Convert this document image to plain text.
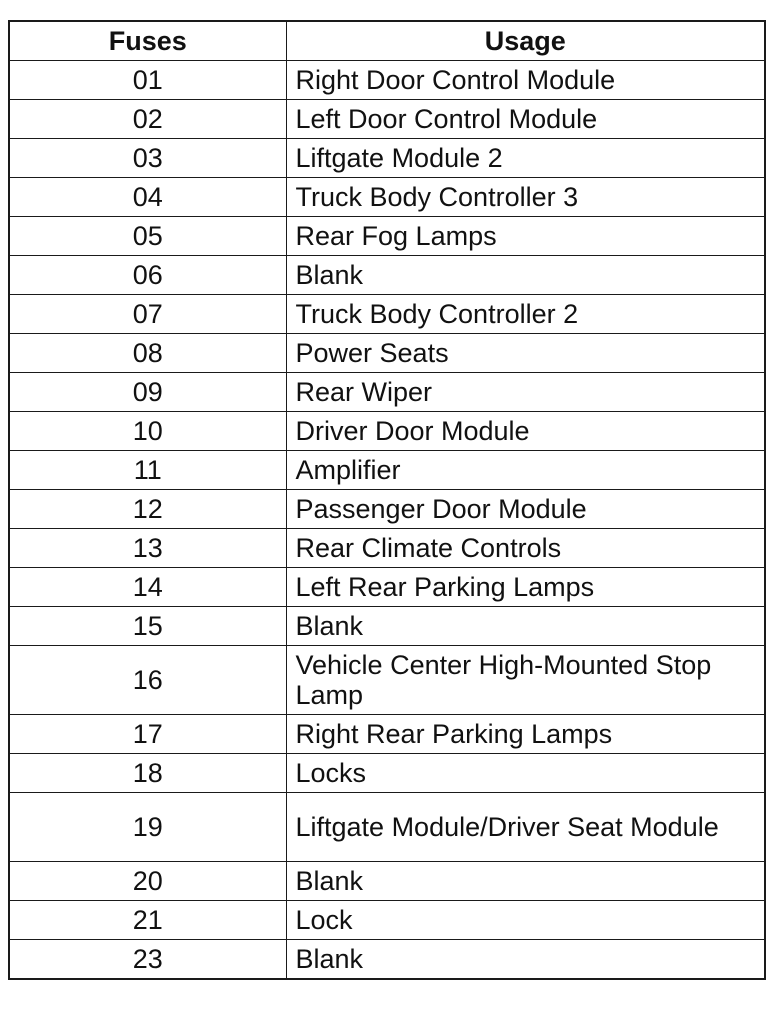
Fuses	Usage
01	Right Door Control Module
02	Left Door Control Module
03	Liftgate Module 2
04	Truck Body Controller 3
05	Rear Fog Lamps
06	Blank
07	Truck Body Controller 2
08	Power Seats
09	Rear Wiper
10	Driver Door Module
11	Amplifier
12	Passenger Door Module
13	Rear Climate Controls
14	Left Rear Parking Lamps
15	Blank
16	Vehicle Center High-Mounted Stop Lamp
17	Right Rear Parking Lamps
18	Locks
19	Liftgate Module/Driver Seat Module
20	Blank
21	Lock
23	Blank
